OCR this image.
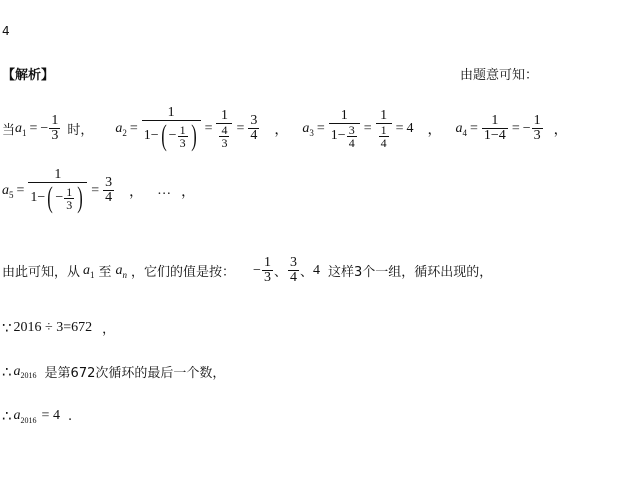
4
【解析】	由题意可知：
当 a 1 = − $\frac{1}{3}$ 时， a $2 = \frac{1}{1- ( - \frac{1}{3} )} = \frac{1}{\frac{4}{3}} = \frac{3}{4}$ ， a $3 = \frac{1}{1- \frac{3}{4}} = \frac{1}{\frac{1}{4}} = 4$ ， a $4 = \frac{1}{1-4}$ = − $\frac{1}{3}$ ，
a $5 = \frac{1}{1- ( - \frac{1}{3} )} = \frac{3}{4}$ ， … ，
由此可知，从 a 1 至 a n ，它们的值是按： − $\frac{1}{3}$ 、 $\frac{3}{4}$ 、 4 这样3个一组，循环出现的，
∵ 2016 ÷ 3=672 ，
∴ a 2016 是第672次循环的最后一个数，
∴ a 2016 = 4 .
